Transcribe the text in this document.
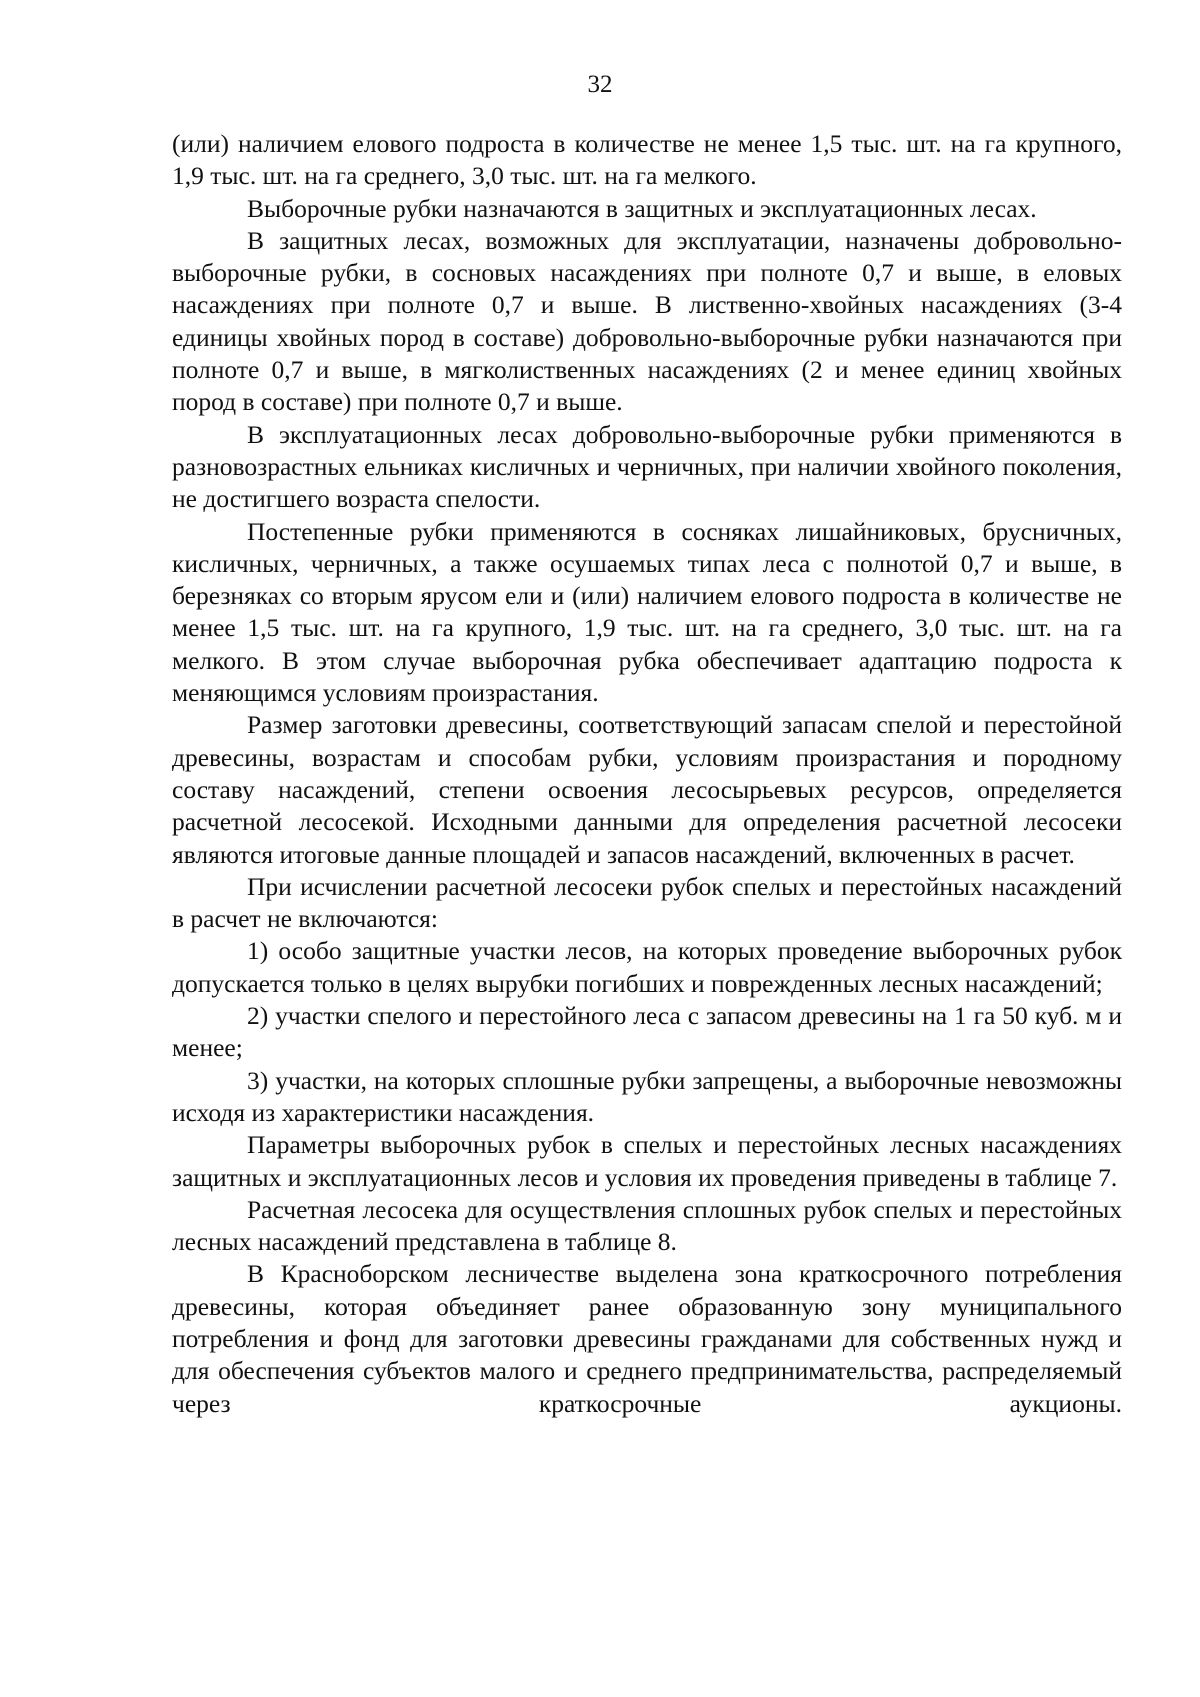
32

(или) наличием елового подроста в количестве не менее 1,5 тыс. шт. на га крупного, 1,9 тыс. шт. на га среднего, 3,0 тыс. шт. на га мелкого.

Выборочные рубки назначаются в защитных и эксплуатационных лесах.

В защитных лесах, возможных для эксплуатации, назначены добровольно-выборочные рубки, в сосновых насаждениях при полноте 0,7 и выше, в еловых насаждениях при полноте 0,7 и выше. В лиственно-хвойных насаждениях (3-4 единицы хвойных пород в составе) добровольно-выборочные рубки назначаются при полноте 0,7 и выше, в мягколиственных насаждениях (2 и менее единиц хвойных пород в составе) при полноте 0,7 и выше.

В эксплуатационных лесах добровольно-выборочные рубки применяются в разновозрастных ельниках кисличных и черничных, при наличии хвойного поколения, не достигшего возраста спелости.

Постепенные рубки применяются в сосняках лишайниковых, брусничных, кисличных, черничных, а также осушаемых типах леса с полнотой 0,7 и выше, в березняках со вторым ярусом ели и (или) наличием елового подроста в количестве не менее 1,5 тыс. шт. на га крупного, 1,9 тыс. шт. на га среднего, 3,0 тыс. шт. на га мелкого. В этом случае выборочная рубка обеспечивает адаптацию подроста к меняющимся условиям произрастания.

Размер заготовки древесины, соответствующий запасам спелой и перестойной древесины, возрастам и способам рубки, условиям произрастания и породному составу насаждений, степени освоения лесосырьевых ресурсов, определяется расчетной лесосекой. Исходными данными для определения расчетной лесосеки являются итоговые данные площадей и запасов насаждений, включенных в расчет.

При исчислении расчетной лесосеки рубок спелых и перестойных насаждений в расчет не включаются:

1) особо защитные участки лесов, на которых проведение выборочных рубок допускается только в целях вырубки погибших и поврежденных лесных насаждений;

2) участки спелого и перестойного леса с запасом древесины на 1 га 50 куб. м и менее;

3) участки, на которых сплошные рубки запрещены, а выборочные невозможны исходя из характеристики насаждения.

Параметры выборочных рубок в спелых и перестойных лесных насаждениях защитных и эксплуатационных лесов и условия их проведения приведены в таблице 7.

Расчетная лесосека для осуществления сплошных рубок спелых и перестойных лесных насаждений представлена в таблице 8.

В Красноборском лесничестве выделена зона краткосрочного потребления древесины, которая объединяет ранее образованную зону муниципального потребления и фонд для заготовки древесины гражданами для собственных нужд и для обеспечения субъектов малого и среднего предпринимательства, распределяемый через краткосрочные аукционы.
